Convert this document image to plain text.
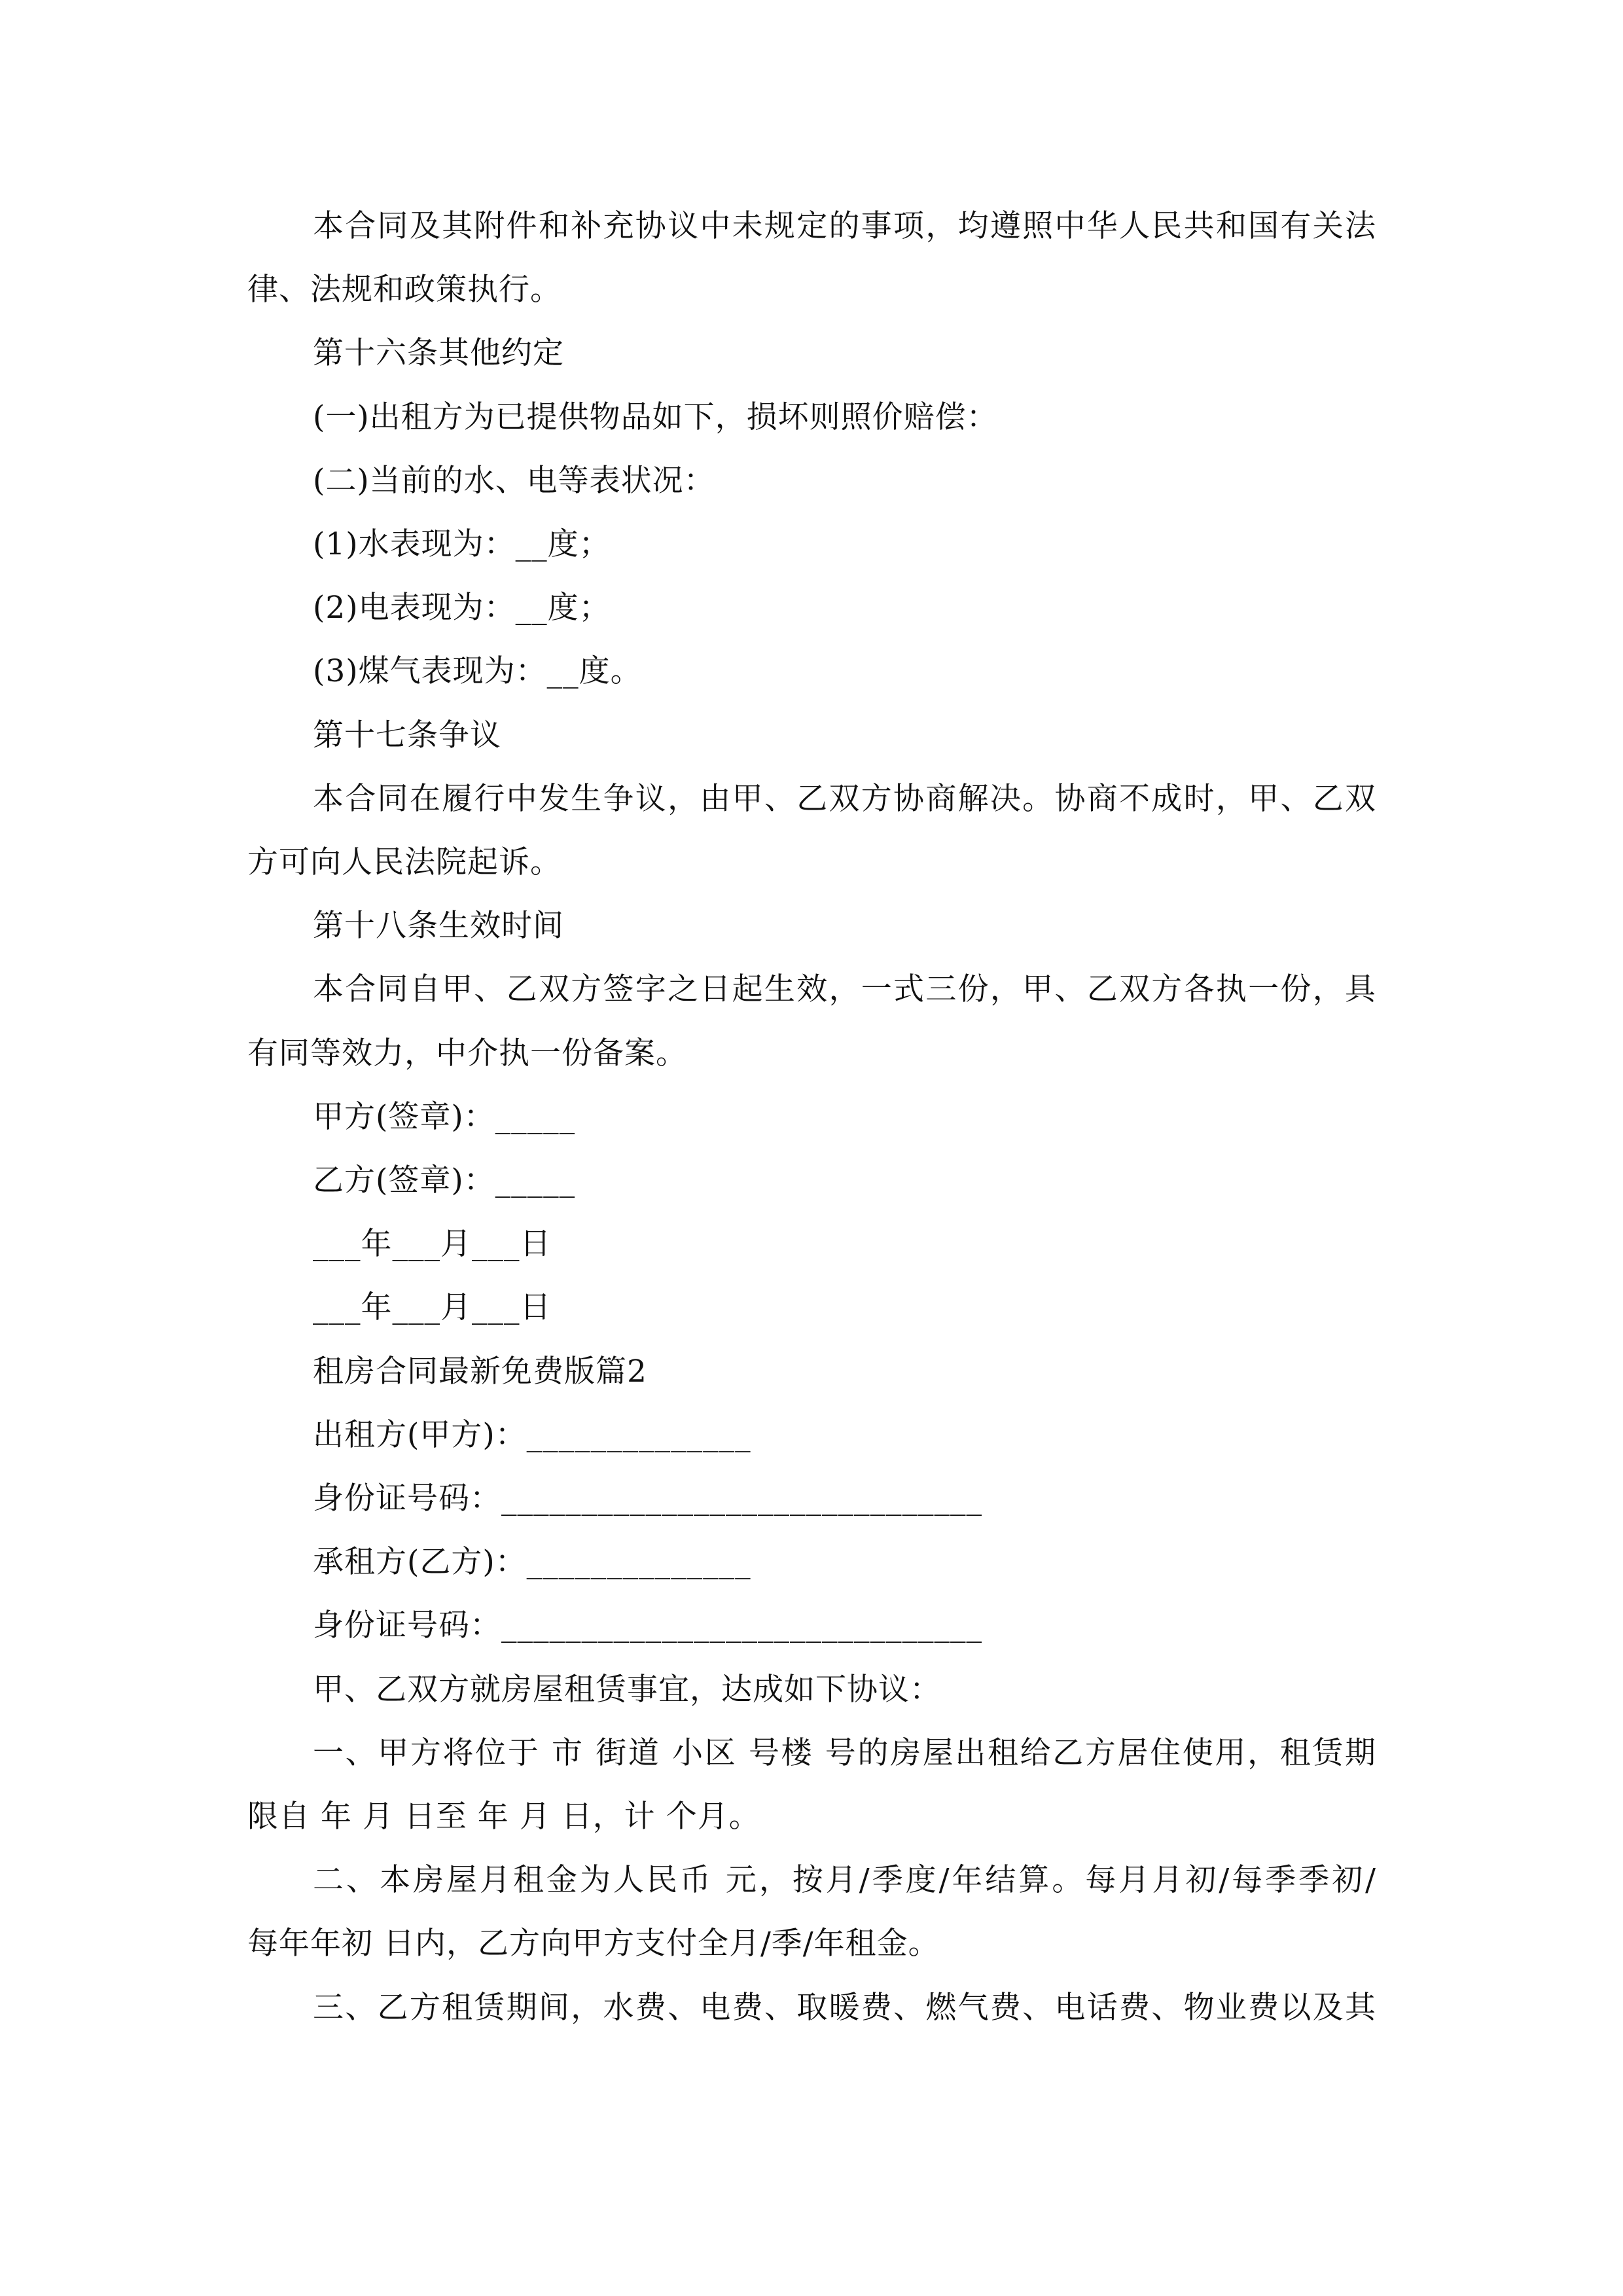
本合同及其附件和补充协议中未规定的事项，均遵照中华人民共和国有关法
律、法规和政策执行。
第十六条其他约定
(一)出租方为已提供物品如下，损坏则照价赔偿：
(二)当前的水、电等表状况：
(1)水表现为：__度；
(2)电表现为：__度；
(3)煤气表现为：__度。
第十七条争议
本合同在履行中发生争议，由甲、乙双方协商解决。协商不成时，甲、乙双
方可向人民法院起诉。
第十八条生效时间
本合同自甲、乙双方签字之日起生效，一式三份，甲、乙双方各执一份，具
有同等效力，中介执一份备案。
甲方(签章)：_____
乙方(签章)：_____
___年___月___日
___年___月___日
租房合同最新免费版篇2
出租方(甲方)：______________
身份证号码：______________________________
承租方(乙方)：______________
身份证号码：______________________________
甲、乙双方就房屋租赁事宜，达成如下协议：
一、甲方将位于 市 街道 小区 号楼 号的房屋出租给乙方居住使用，租赁期
限自 年 月 日至 年 月 日，计 个月。
二、本房屋月租金为人民币 元，按月/季度/年结算。每月月初/每季季初/
每年年初 日内，乙方向甲方支付全月/季/年租金。
三、乙方租赁期间，水费、电费、取暖费、燃气费、电话费、物业费以及其
